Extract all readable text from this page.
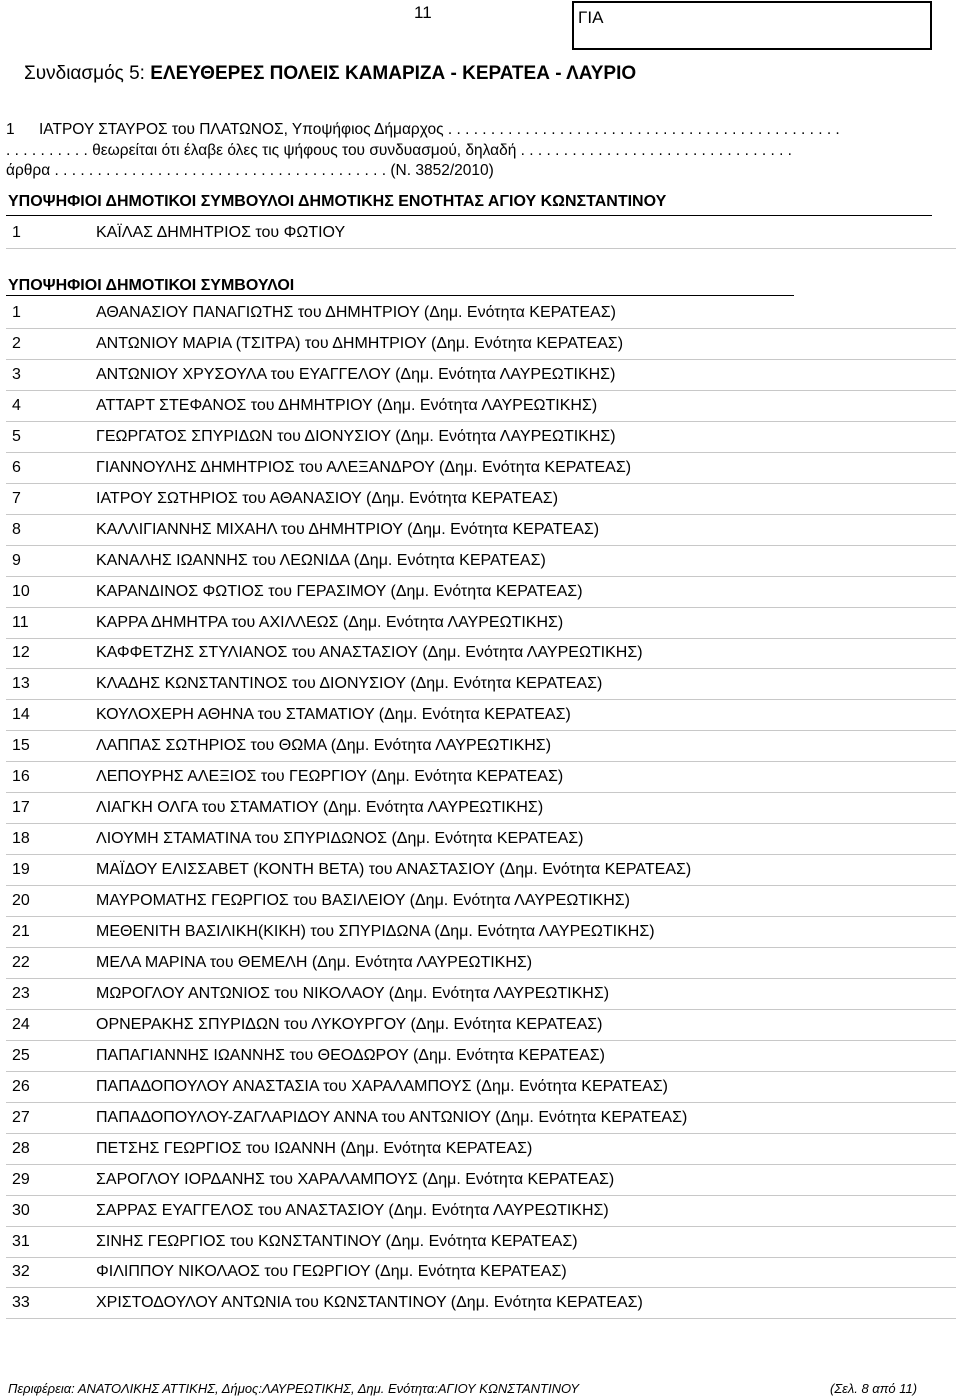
11	ΓΙΑ
Συνδιασμός 5: ΕΛΕΥΘΕΡΕΣ ΠΟΛΕΙΣ ΚΑΜΑΡΙΖΑ - ΚΕΡΑΤΕΑ - ΛΑΥΡΙΟ
1 ΙΑΤΡΟΥ ΣΤΑΥΡΟΣ του ΠΛΑΤΩΝΟΣ, Υποψήφιος Δήμαρχος . . . . . . . . . . . . . . . . . . . . . . . . . . . . . . . . . . . . . . . . . . . . . .
. . . . . . . . . . θεωρείται ότι έλαβε όλες τις ψήφους του συνδυασμού, δηλαδή . . . . . . . . . . . . . . . . . . . . . . . . . . . . . . . .
άρθρα . . . . . . . . . . . . . . . . . . . . . . . . . . . . . . . . . . . . . . . (Ν. 3852/2010)
ΥΠΟΨΗΦΙΟΙ ΔΗΜΟΤΙΚΟΙ ΣΥΜΒΟΥΛΟΙ ΔΗΜΟΤΙΚΗΣ ΕΝΟΤΗΤΑΣ ΑΓΙΟΥ ΚΩΝΣΤΑΝΤΙΝΟΥ
1	ΚΑΪΛΑΣ ΔΗΜΗΤΡΙΟΣ του ΦΩΤΙΟΥ
ΥΠΟΨΗΦΙΟΙ ΔΗΜΟΤΙΚΟΙ ΣΥΜΒΟΥΛΟΙ
1	ΑΘΑΝΑΣΙΟΥ ΠΑΝΑΓΙΩΤΗΣ του ΔΗΜΗΤΡΙΟΥ (Δημ. Ενότητα ΚΕΡΑΤΕΑΣ)
2	ΑΝΤΩΝΙΟΥ ΜΑΡΙΑ (ΤΣΙΤΡΑ) του ΔΗΜΗΤΡΙΟΥ (Δημ. Ενότητα ΚΕΡΑΤΕΑΣ)
3	ΑΝΤΩΝΙΟΥ ΧΡΥΣΟΥΛΑ του ΕΥΑΓΓΕΛΟΥ (Δημ. Ενότητα ΛΑΥΡΕΩΤΙΚΗΣ)
4	ΑΤΤΑΡΤ ΣΤΕΦΑΝΟΣ του ΔΗΜΗΤΡΙΟΥ (Δημ. Ενότητα ΛΑΥΡΕΩΤΙΚΗΣ)
5	ΓΕΩΡΓΑΤΟΣ ΣΠΥΡΙΔΩΝ του ΔΙΟΝΥΣΙΟΥ (Δημ. Ενότητα ΛΑΥΡΕΩΤΙΚΗΣ)
6	ΓΙΑΝΝΟΥΛΗΣ ΔΗΜΗΤΡΙΟΣ του ΑΛΕΞΑΝΔΡΟΥ (Δημ. Ενότητα ΚΕΡΑΤΕΑΣ)
7	ΙΑΤΡΟΥ ΣΩΤΗΡΙΟΣ του ΑΘΑΝΑΣΙΟΥ (Δημ. Ενότητα ΚΕΡΑΤΕΑΣ)
8	ΚΑΛΛΙΓΙΑΝΝΗΣ ΜΙΧΑΗΛ του ΔΗΜΗΤΡΙΟΥ (Δημ. Ενότητα ΚΕΡΑΤΕΑΣ)
9	ΚΑΝΑΛΗΣ ΙΩΑΝΝΗΣ του ΛΕΩΝΙΔΑ (Δημ. Ενότητα ΚΕΡΑΤΕΑΣ)
10	ΚΑΡΑΝΔΙΝΟΣ ΦΩΤΙΟΣ του ΓΕΡΑΣΙΜΟΥ (Δημ. Ενότητα ΚΕΡΑΤΕΑΣ)
11	ΚΑΡΡΑ ΔΗΜΗΤΡΑ του ΑΧΙΛΛΕΩΣ (Δημ. Ενότητα ΛΑΥΡΕΩΤΙΚΗΣ)
12	ΚΑΦΦΕΤΖΗΣ ΣΤΥΛΙΑΝΟΣ του ΑΝΑΣΤΑΣΙΟΥ (Δημ. Ενότητα ΛΑΥΡΕΩΤΙΚΗΣ)
13	ΚΛΑΔΗΣ ΚΩΝΣΤΑΝΤΙΝΟΣ του ΔΙΟΝΥΣΙΟΥ (Δημ. Ενότητα ΚΕΡΑΤΕΑΣ)
14	ΚΟΥΛΟΧΕΡΗ ΑΘΗΝΑ του ΣΤΑΜΑΤΙΟΥ (Δημ. Ενότητα ΚΕΡΑΤΕΑΣ)
15	ΛΑΠΠΑΣ ΣΩΤΗΡΙΟΣ του ΘΩΜΑ (Δημ. Ενότητα ΛΑΥΡΕΩΤΙΚΗΣ)
16	ΛΕΠΟΥΡΗΣ ΑΛΕΞΙΟΣ του ΓΕΩΡΓΙΟΥ (Δημ. Ενότητα ΚΕΡΑΤΕΑΣ)
17	ΛΙΑΓΚΗ ΟΛΓΑ του ΣΤΑΜΑΤΙΟΥ (Δημ. Ενότητα ΛΑΥΡΕΩΤΙΚΗΣ)
18	ΛΙΟΥΜΗ ΣΤΑΜΑΤΙΝΑ του ΣΠΥΡΙΔΩΝΟΣ (Δημ. Ενότητα ΚΕΡΑΤΕΑΣ)
19	ΜΑΪΔΟΥ ΕΛΙΣΣΑΒΕΤ (ΚΟΝΤΗ ΒΕΤΑ) του ΑΝΑΣΤΑΣΙΟΥ (Δημ. Ενότητα ΚΕΡΑΤΕΑΣ)
20	ΜΑΥΡΟΜΑΤΗΣ ΓΕΩΡΓΙΟΣ του ΒΑΣΙΛΕΙΟΥ (Δημ. Ενότητα ΛΑΥΡΕΩΤΙΚΗΣ)
21	ΜΕΘΕΝΙΤΗ ΒΑΣΙΛΙΚΗ(ΚΙΚΗ) του ΣΠΥΡΙΔΩΝΑ (Δημ. Ενότητα ΛΑΥΡΕΩΤΙΚΗΣ)
22	ΜΕΛΑ ΜΑΡΙΝΑ του ΘΕΜΕΛΗ (Δημ. Ενότητα ΛΑΥΡΕΩΤΙΚΗΣ)
23	ΜΩΡΟΓΛΟΥ ΑΝΤΩΝΙΟΣ του ΝΙΚΟΛΑΟΥ (Δημ. Ενότητα ΛΑΥΡΕΩΤΙΚΗΣ)
24	ΟΡΝΕΡΑΚΗΣ ΣΠΥΡΙΔΩΝ του ΛΥΚΟΥΡΓΟΥ (Δημ. Ενότητα ΚΕΡΑΤΕΑΣ)
25	ΠΑΠΑΓΙΑΝΝΗΣ ΙΩΑΝΝΗΣ του ΘΕΟΔΩΡΟΥ (Δημ. Ενότητα ΚΕΡΑΤΕΑΣ)
26	ΠΑΠΑΔΟΠΟΥΛΟΥ ΑΝΑΣΤΑΣΙΑ του ΧΑΡΑΛΑΜΠΟΥΣ (Δημ. Ενότητα ΚΕΡΑΤΕΑΣ)
27	ΠΑΠΑΔΟΠΟΥΛΟΥ-ΖΑΓΛΑΡΙΔΟΥ ΑΝΝΑ του ΑΝΤΩΝΙΟΥ (Δημ. Ενότητα ΚΕΡΑΤΕΑΣ)
28	ΠΕΤΣΗΣ ΓΕΩΡΓΙΟΣ του ΙΩΑΝΝΗ (Δημ. Ενότητα ΚΕΡΑΤΕΑΣ)
29	ΣΑΡΟΓΛΟΥ ΙΟΡΔΑΝΗΣ του ΧΑΡΑΛΑΜΠΟΥΣ (Δημ. Ενότητα ΚΕΡΑΤΕΑΣ)
30	ΣΑΡΡΑΣ ΕΥΑΓΓΕΛΟΣ του ΑΝΑΣΤΑΣΙΟΥ (Δημ. Ενότητα ΛΑΥΡΕΩΤΙΚΗΣ)
31	ΣΙΝΗΣ ΓΕΩΡΓΙΟΣ του ΚΩΝΣΤΑΝΤΙΝΟΥ (Δημ. Ενότητα ΚΕΡΑΤΕΑΣ)
32	ΦΙΛΙΠΠΟΥ ΝΙΚΟΛΑΟΣ του ΓΕΩΡΓΙΟΥ (Δημ. Ενότητα ΚΕΡΑΤΕΑΣ)
33	ΧΡΙΣΤΟΔΟΥΛΟΥ ΑΝΤΩΝΙΑ του ΚΩΝΣΤΑΝΤΙΝΟΥ (Δημ. Ενότητα ΚΕΡΑΤΕΑΣ)
Περιφέρεια: ΑΝΑΤΟΛΙΚΗΣ ΑΤΤΙΚΗΣ, Δήμος:ΛΑΥΡΕΩΤΙΚΗΣ, Δημ. Ενότητα:ΑΓΙΟΥ ΚΩΝΣΤΑΝΤΙΝΟΥ	(Σελ. 8 από 11)
